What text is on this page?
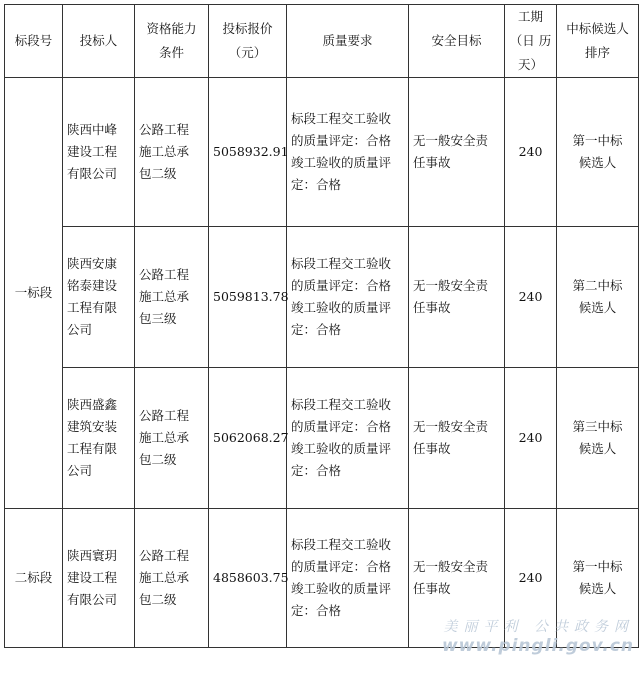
标段号	投标人	资格能力 条件	投标报价 （元）	质量要求	安全目标	工期（日 历天）	中标候选人 排序
一标段	陕西中峰
建设工程
有限公司	公路工程
施工总承
包二级	5058932.91	标段工程交工验收
的质量评定：合格
竣工验收的质量评
定：合格	无一般安全责
任事故	240	第一中标
候选人
	陕西安康
铭泰建设
工程有限
公司	公路工程
施工总承
包三级	5059813.78	标段工程交工验收
的质量评定：合格
竣工验收的质量评
定：合格	无一般安全责
任事故	240	第二中标
候选人
	陕西盛鑫
建筑安装
工程有限
公司	公路工程
施工总承
包二级	5062068.27	标段工程交工验收
的质量评定：合格
竣工验收的质量评
定：合格	无一般安全责
任事故	240	第三中标
候选人
二标段	陕西寰玥
建设工程
有限公司	公路工程
施工总承
包二级	4858603.75	标段工程交工验收
的质量评定：合格
竣工验收的质量评
定：合格	无一般安全责
任事故	240	第一中标
候选人
美丽平利 公共政务网
www.pingli.gov.cn
